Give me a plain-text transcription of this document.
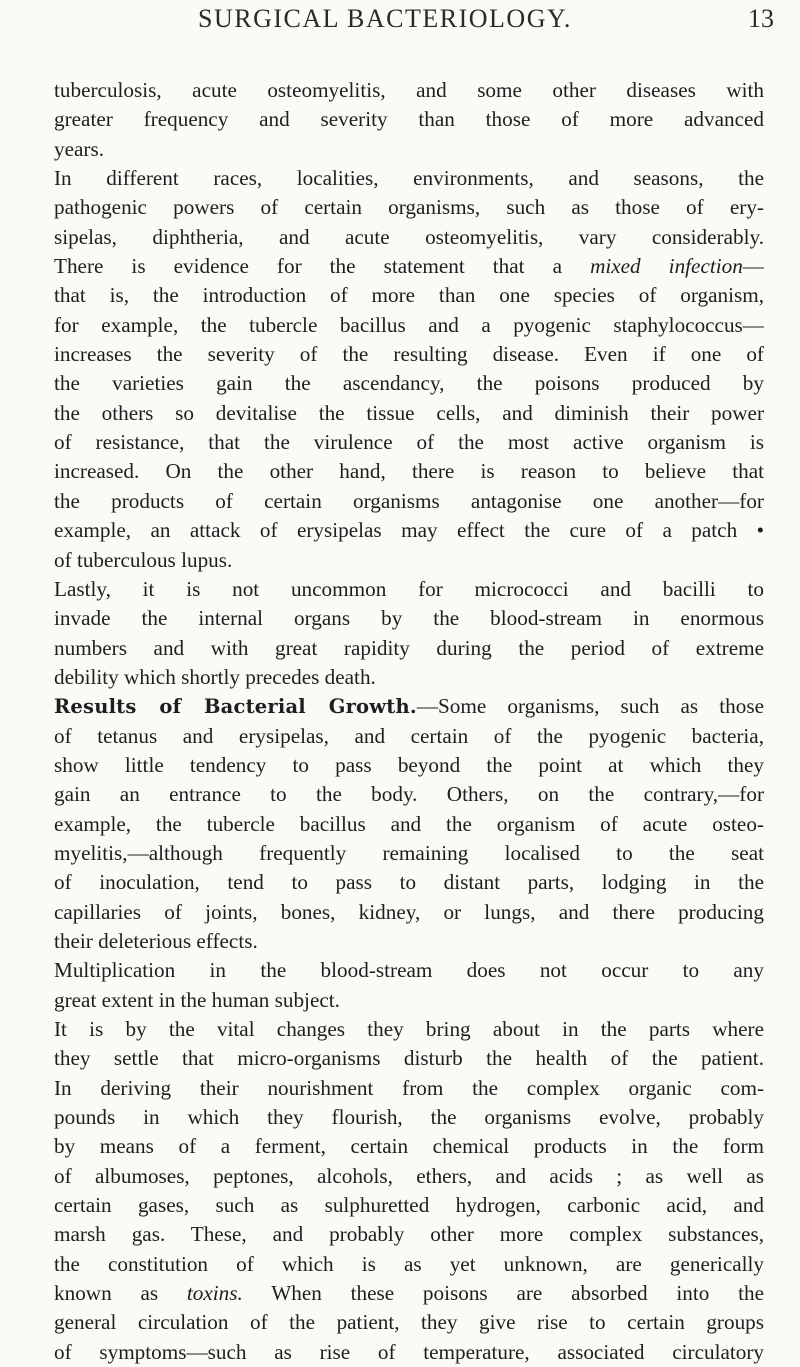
SURGICAL BACTERIOLOGY.	13
tuberculosis, acute osteomyelitis, and some other diseases with
greater frequency and severity than those of more advanced
years.
In different races, localities, environments, and seasons, the
pathogenic powers of certain organisms, such as those of ery-
sipelas, diphtheria, and acute osteomyelitis, vary considerably.
There is evidence for the statement that a mixed infection—
that is, the introduction of more than one species of organism,
for example, the tubercle bacillus and a pyogenic staphylococcus—
increases the severity of the resulting disease. Even if one of
the varieties gain the ascendancy, the poisons produced by
the others so devitalise the tissue cells, and diminish their power
of resistance, that the virulence of the most active organism is
increased. On the other hand, there is reason to believe that
the products of certain organisms antagonise one another—for
example, an attack of erysipelas may effect the cure of a patch •
of tuberculous lupus.
Lastly, it is not uncommon for micrococci and bacilli to
invade the internal organs by the blood-stream in enormous
numbers and with great rapidity during the period of extreme
debility which shortly precedes death.
Results of Bacterial Growth.—Some organisms, such as those
of tetanus and erysipelas, and certain of the pyogenic bacteria,
show little tendency to pass beyond the point at which they
gain an entrance to the body. Others, on the contrary,—for
example, the tubercle bacillus and the organism of acute osteo-
myelitis,—although frequently remaining localised to the seat
of inoculation, tend to pass to distant parts, lodging in the
capillaries of joints, bones, kidney, or lungs, and there producing
their deleterious effects.
Multiplication in the blood-stream does not occur to any
great extent in the human subject.
It is by the vital changes they bring about in the parts where
they settle that micro-organisms disturb the health of the patient.
In deriving their nourishment from the complex organic com-
pounds in which they flourish, the organisms evolve, probably
by means of a ferment, certain chemical products in the form
of albumoses, peptones, alcohols, ethers, and acids ; as well as
certain gases, such as sulphuretted hydrogen, carbonic acid, and
marsh gas. These, and probably other more complex substances,
the constitution of which is as yet unknown, are generically
known as toxins. When these poisons are absorbed into the
general circulation of the patient, they give rise to certain groups
of symptoms—such as rise of temperature, associated circulatory
